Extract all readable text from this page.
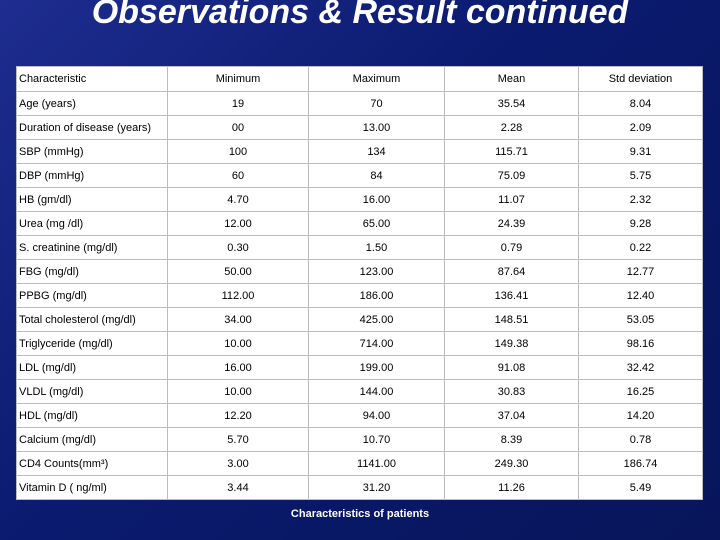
Observations & Result continued
Characteristic	Minimum	Maximum	Mean	Std deviation
Age (years)	19	70	35.54	8.04
Duration of disease (years)	00	13.00	2.28	2.09
SBP (mmHg)	100	134	115.71	9.31
DBP (mmHg)	60	84	75.09	5.75
HB (gm/dl)	4.70	16.00	11.07	2.32
Urea (mg /dl)	12.00	65.00	24.39	9.28
S. creatinine (mg/dl)	0.30	1.50	0.79	0.22
FBG (mg/dl)	50.00	123.00	87.64	12.77
PPBG (mg/dl)	112.00	186.00	136.41	12.40
Total cholesterol (mg/dl)	34.00	425.00	148.51	53.05
Triglyceride (mg/dl)	10.00	714.00	149.38	98.16
LDL (mg/dl)	16.00	199.00	91.08	32.42
VLDL (mg/dl)	10.00	144.00	30.83	16.25
HDL (mg/dl)	12.20	94.00	37.04	14.20
Calcium (mg/dl)	5.70	10.70	8.39	0.78
CD4 Counts(mm³)	3.00	1141.00	249.30	186.74
Vitamin D ( ng/ml)	3.44	31.20	11.26	5.49
Characteristics of patients
